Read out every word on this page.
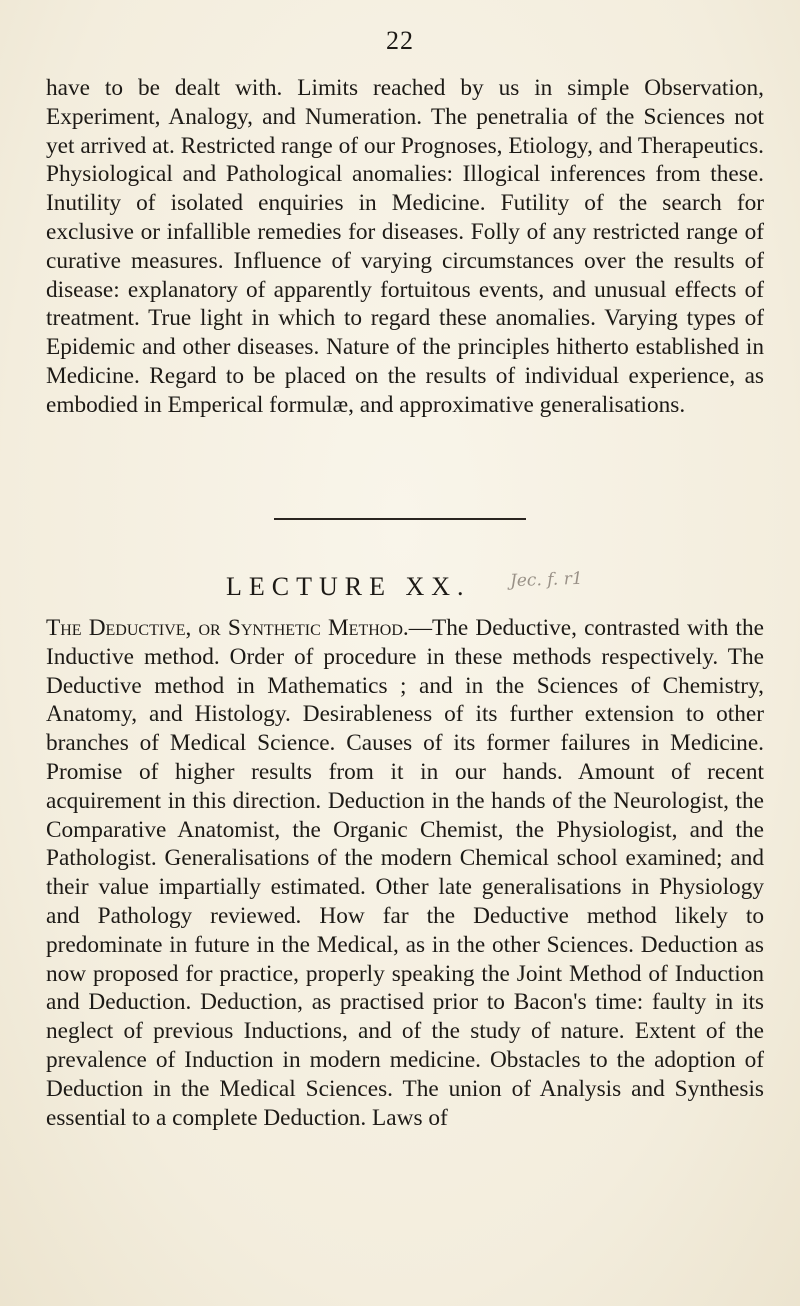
22
have to be dealt with. Limits reached by us in simple Observation, Experiment, Analogy, and Numeration. The penetralia of the Sciences not yet arrived at. Restricted range of our Prognoses, Etiology, and Therapeutics. Physiological and Pathological anomalies: Illogical inferences from these. Inutility of isolated enquiries in Medicine. Futility of the search for exclusive or infallible remedies for diseases. Folly of any restricted range of curative measures. Influence of varying circumstances over the results of disease: explanatory of apparently fortuitous events, and unusual effects of treatment. True light in which to regard these anomalies. Varying types of Epidemic and other diseases. Nature of the principles hitherto established in Medicine. Regard to be placed on the results of individual experience, as embodied in Emperical formulæ, and approximative generalisations.
LECTURE XX. Jec. f. r1
The Deductive, or Synthetic Method.—The Deductive, contrasted with the Inductive method. Order of procedure in these methods respectively. The Deductive method in Mathematics ; and in the Sciences of Chemistry, Anatomy, and Histology. Desirableness of its further extension to other branches of Medical Science. Causes of its former failures in Medicine. Promise of higher results from it in our hands. Amount of recent acquirement in this direction. Deduction in the hands of the Neurologist, the Comparative Anatomist, the Organic Chemist, the Physiologist, and the Pathologist. Generalisations of the modern Chemical school examined; and their value impartially estimated. Other late generalisations in Physiology and Pathology reviewed. How far the Deductive method likely to predominate in future in the Medical, as in the other Sciences. Deduction as now proposed for practice, properly speaking the Joint Method of Induction and Deduction. Deduction, as practised prior to Bacon's time: faulty in its neglect of previous Inductions, and of the study of nature. Extent of the prevalence of Induction in modern medicine. Obstacles to the adoption of Deduction in the Medical Sciences. The union of Analysis and Synthesis essential to a complete Deduction. Laws of
